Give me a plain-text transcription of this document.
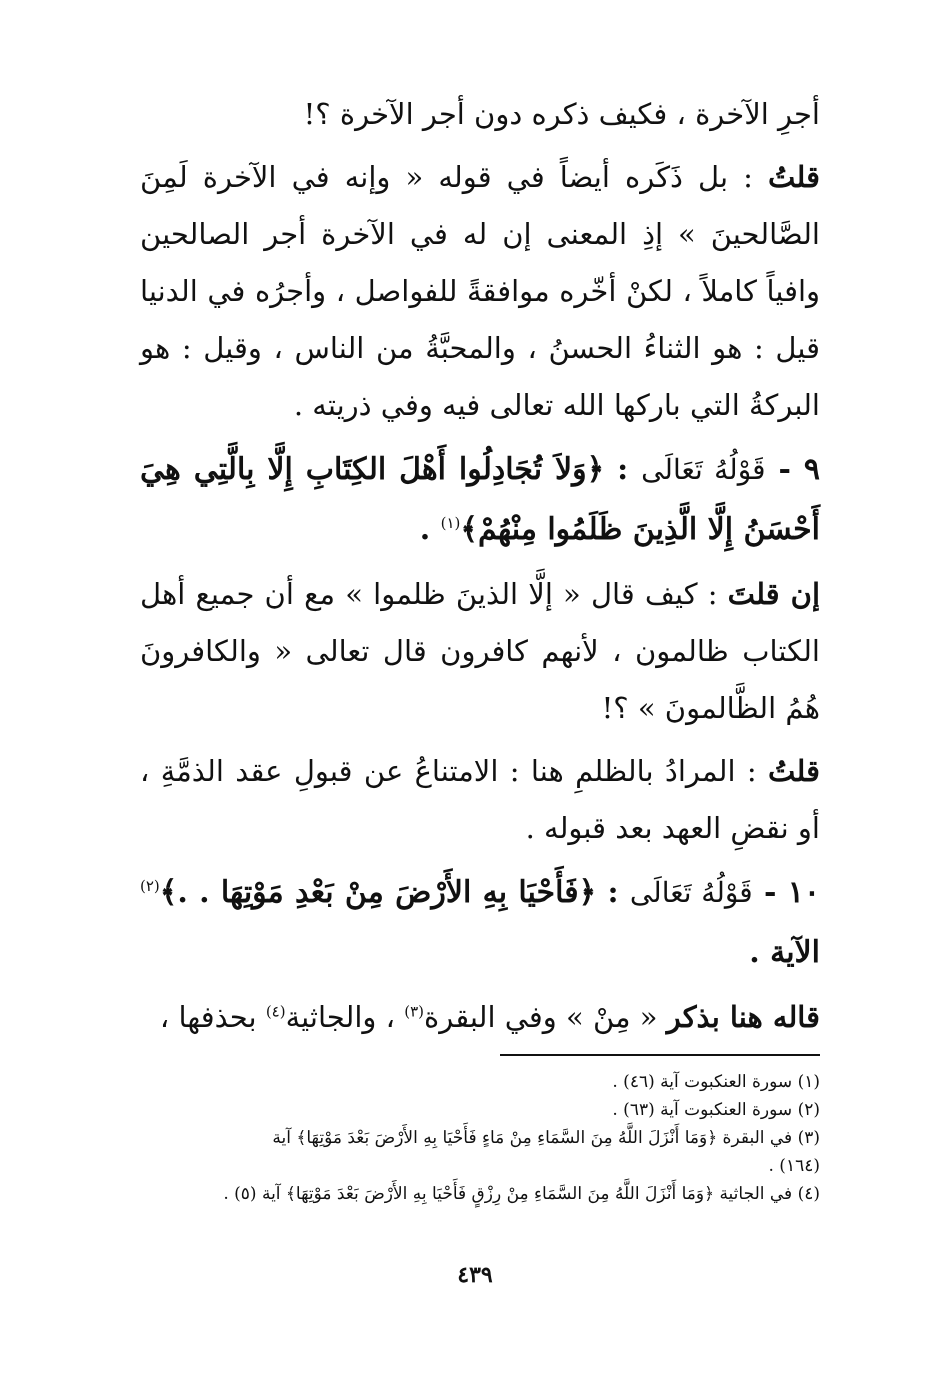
أجرِ الآخرة ، فكيف ذكره دون أجر الآخرة ؟!

قلتُ : بل ذَكَره أيضاً في قوله « وإنه في الآخرة لَمِنَ الصَّالحينَ » إذِ المعنى إن له في الآخرة أجر الصالحين وافياً كاملاً ، لكنْ أخّره موافقةً للفواصل ، وأجرُه في الدنيا قيل : هو الثناءُ الحسنُ ، والمحبَّةُ من الناس ، وقيل : هو البركةُ التي باركها الله تعالى فيه وفي ذريته .

٩ - قَوْلُهُ تَعَالَى : ﴿وَلاَ تُجَادِلُوا أَهْلَ الكِتَابِ إِلَّا بِالَّتِي هِيَ أَحْسَنُ إِلَّا الَّذِينَ ظَلَمُوا مِنْهُمْ﴾$^{(١)}$ .

إن قلتَ : كيف قال « إلَّا الذينَ ظلموا » مع أن جميع أهل الكتاب ظالمون ، لأنهم كافرون قال تعالى « والكافرونَ هُمُ الظَّالمونَ » ؟!

قلتُ : المرادُ بالظلمِ هنا : الامتناعُ عن قبولِ عقد الذمَّةِ ، أو نقضِ العهد بعد قبوله .

١٠ - قَوْلُهُ تَعَالَى : ﴿فَأَحْيَا بِهِ الأَرْضَ مِنْ بَعْدِ مَوْتِهَا . .﴾$^{(٢)}$ الآية .

قاله هنا بذكر « مِنْ » وفي البقرة$^{(٣)}$ ، والجاثية$^{(٤)}$ بحذفها ،

(١) سورة العنكبوت آية (٤٦) .

(٢) سورة العنكبوت آية (٦٣) .

(٣) في البقرة ﴿وَمَا أَنْزَلَ اللَّهُ مِنَ السَّمَاءِ مِنْ مَاءٍ فَأَحْيَا بِهِ الأَرْضَ بَعْدَ مَوْتِهَا﴾ آية

(١٦٤) .

(٤) في الجاثية ﴿وَمَا أَنْزَلَ اللَّهُ مِنَ السَّمَاءِ مِنْ رِزْقٍ فَأَحْيَا بِهِ الأَرْضَ بَعْدَ مَوْتِهَا﴾ آية (٥) .

٤٣٩
